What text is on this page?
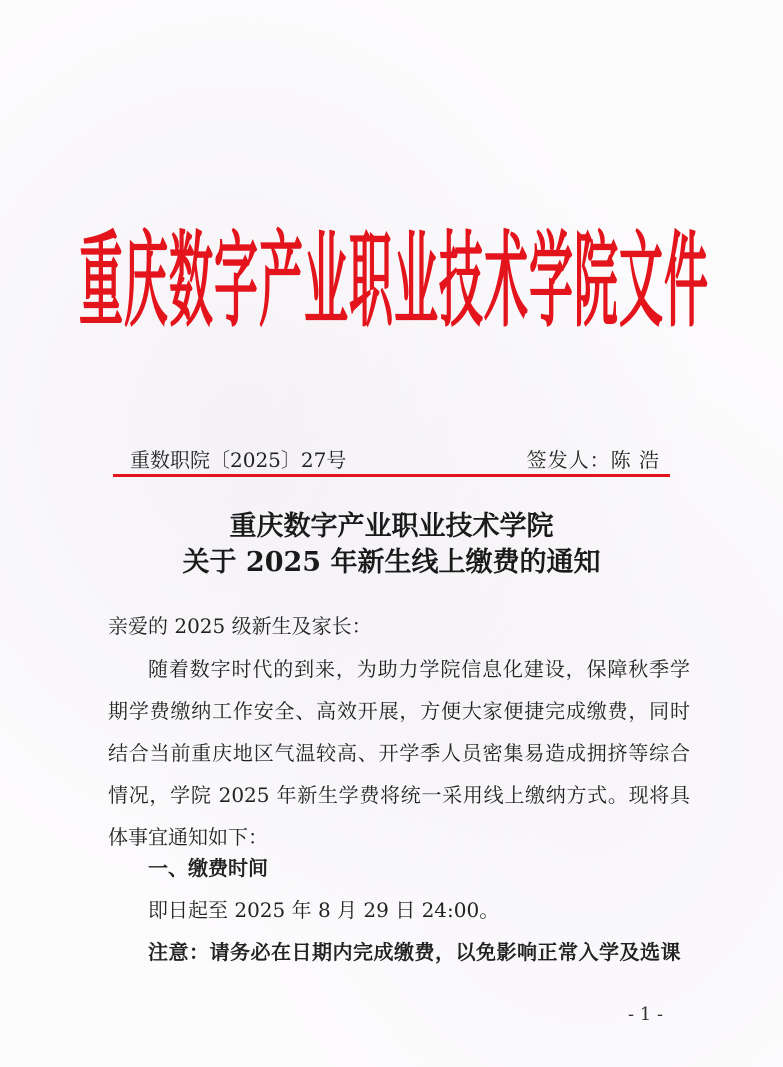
重庆数字产业职业技术学院文件
重数职院〔2025〕27号	签发人：陈 浩
重庆数字产业职业技术学院
关于 2025 年新生线上缴费的通知
亲爱的 2025 级新生及家长：
随着数字时代的到来，为助力学院信息化建设，保障秋季学
期学费缴纳工作安全、高效开展，方便大家便捷完成缴费，同时
结合当前重庆地区气温较高、开学季人员密集易造成拥挤等综合
情况，学院 2025 年新生学费将统一采用线上缴纳方式。现将具
体事宜通知如下：
一、缴费时间
即日起至 2025 年 8 月 29 日 24:00。
注意：请务必在日期内完成缴费，以免影响正常入学及选课
- 1 -
